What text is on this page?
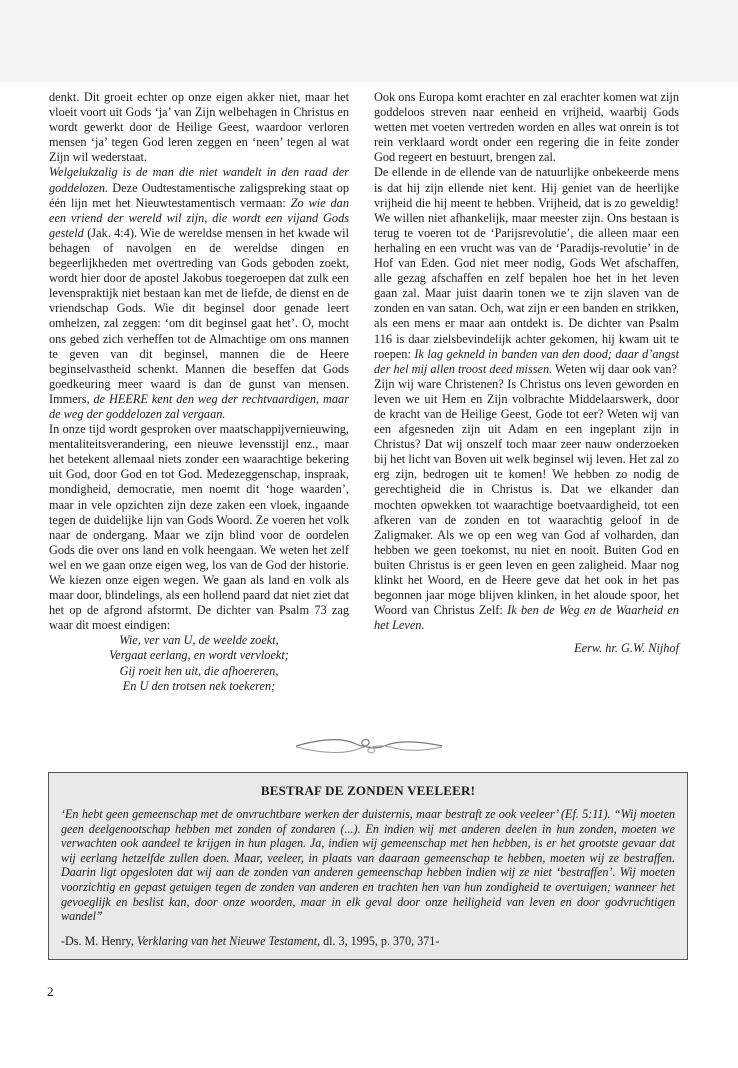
denkt. Dit groeit echter op onze eigen akker niet, maar het vloeit voort uit Gods ‘ja’ van Zijn welbehagen in Christus en wordt gewerkt door de Heilige Geest, waardoor verloren mensen ‘ja’ tegen God leren zeggen en ‘neen’ tegen al wat Zijn wil wederstaat.

Welgelukzalig is de man die niet wandelt in den raad der goddelozen. Deze Oudtestamentische zaligspreking staat op één lijn met het Nieuwtestamentisch vermaan: Zo wie dan een vriend der wereld wil zijn, die wordt een vijand Gods gesteld (Jak. 4:4). Wie de wereldse mensen in het kwade wil behagen of navolgen en de wereldse dingen en begeerlijkheden met overtreding van Gods geboden zoekt, wordt hier door de apostel Jakobus toegeroepen dat zulk een levenspraktijk niet bestaan kan met de liefde, de dienst en de vriendschap Gods. Wie dit beginsel door genade leert omhelzen, zal zeggen: ‘om dit beginsel gaat het’. O, mocht ons gebed zich verheffen tot de Almachtige om ons mannen te geven van dit beginsel, mannen die de Heere beginselvastheid schenkt. Mannen die beseffen dat Gods goedkeuring meer waard is dan de gunst van mensen. Immers, de HEERE kent den weg der rechtvaardigen, maar de weg der goddelozen zal vergaan.

In onze tijd wordt gesproken over maatschappijvernieuwing, mentaliteitsverandering, een nieuwe levensstijl enz., maar het betekent allemaal niets zonder een waarachtige bekering uit God, door God en tot God. Medezeggenschap, inspraak, mondigheid, democratie, men noemt dit ‘hoge waarden’, maar in vele opzichten zijn deze zaken een vloek, ingaande tegen de duidelijke lijn van Gods Woord. Ze voeren het volk naar de ondergang. Maar we zijn blind voor de oordelen Gods die over ons land en volk heengaan. We weten het zelf wel en we gaan onze eigen weg, los van de God der historie. We kiezen onze eigen wegen. We gaan als land en volk als maar door, blindelings, als een hollend paard dat niet ziet dat het op de afgrond afstormt. De dichter van Psalm 73 zag waar dit moest eindigen:

Wie, ver van U, de weelde zoekt,
Vergaat eerlang, en wordt vervloekt;
Gij roeit hen uit, die afhoereren,
En U den trotsen nek toekeren;

Ook ons Europa komt erachter en zal erachter komen wat zijn goddeloos streven naar eenheid en vrijheid, waarbij Gods wetten met voeten vertreden worden en alles wat onrein is tot rein verklaard wordt onder een regering die in feite zonder God regeert en bestuurt, brengen zal.

De ellende in de ellende van de natuurlijke onbekeerde mens is dat hij zijn ellende niet kent. Hij geniet van de heerlijke vrijheid die hij meent te hebben. Vrijheid, dat is zo geweldig! We willen niet afhankelijk, maar meester zijn. Ons bestaan is terug te voeren tot de ‘Parijsrevolutie’, die alleen maar een herhaling en een vrucht was van de ‘Paradijs-revolutie’ in de Hof van Eden. God niet meer nodig, Gods Wet afschaffen, alle gezag afschaffen en zelf bepalen hoe het in het leven gaan zal. Maar juist daarin tonen we te zijn slaven van de zonden en van satan. Och, wat zijn er een banden en strikken, als een mens er maar aan ontdekt is. De dichter van Psalm 116 is daar zielsbevindelijk achter gekomen, hij kwam uit te roepen: Ik lag gekneld in banden van den dood; daar d’angst der hel mij allen troost deed missen. Weten wij daar ook van?

Zijn wij ware Christenen? Is Christus ons leven geworden en leven we uit Hem en Zijn volbrachte Middelaarswerk, door de kracht van de Heilige Geest, Gode tot eer? Weten wij van een afgesneden zijn uit Adam en een ingeplant zijn in Christus? Dat wij onszelf toch maar zeer nauw onderzoeken bij het licht van Boven uit welk beginsel wij leven. Het zal zo erg zijn, bedrogen uit te komen! We hebben zo nodig de gerechtigheid die in Christus is. Dat we elkander dan mochten opwekken tot waarachtige boetvaardigheid, tot een afkeren van de zonden en tot waarachtig geloof in de Zaligmaker. Als we op een weg van God af volharden, dan hebben we geen toekomst, nu niet en nooit. Buiten God en buiten Christus is er geen leven en geen zaligheid. Maar nog klinkt het Woord, en de Heere geve dat het ook in het pas begonnen jaar moge blijven klinken, in het aloude spoor, het Woord van Christus Zelf: Ik ben de Weg en de Waarheid en het Leven.

Eerw. hr. G.W. Nijhof
BESTRAF DE ZONDEN VEELEER!

‘En hebt geen gemeenschap met de onvruchtbare werken der duisternis, maar bestraft ze ook veeleer’ (Ef. 5:11). “Wij moeten geen deelgenootschap hebben met zonden of zondaren (...). En indien wij met anderen deelen in hun zonden, moeten we verwachten ook aandeel te krijgen in hun plagen. Ja, indien wij gemeenschap met hen hebben, is er het grootste gevaar dat wij eerlang hetzelfde zullen doen. Maar, veeleer, in plaats van daaraan gemeenschap te hebben, moeten wij ze bestraffen. Daarin ligt opgesloten dat wij aan de zonden van anderen gemeenschap hebben indien wij ze niet ‘bestraffen’. Wij moeten voorzichtig en gepast getuigen tegen de zonden van anderen en trachten hen van hun zondigheid te overtuigen; wanneer het gevoeglijk en beslist kan, door onze woorden, maar in elk geval door onze heiligheid van leven en door godvruchtigen wandel”

-Ds. M. Henry, Verklaring van het Nieuwe Testament, dl. 3, 1995, p. 370, 371-
2
